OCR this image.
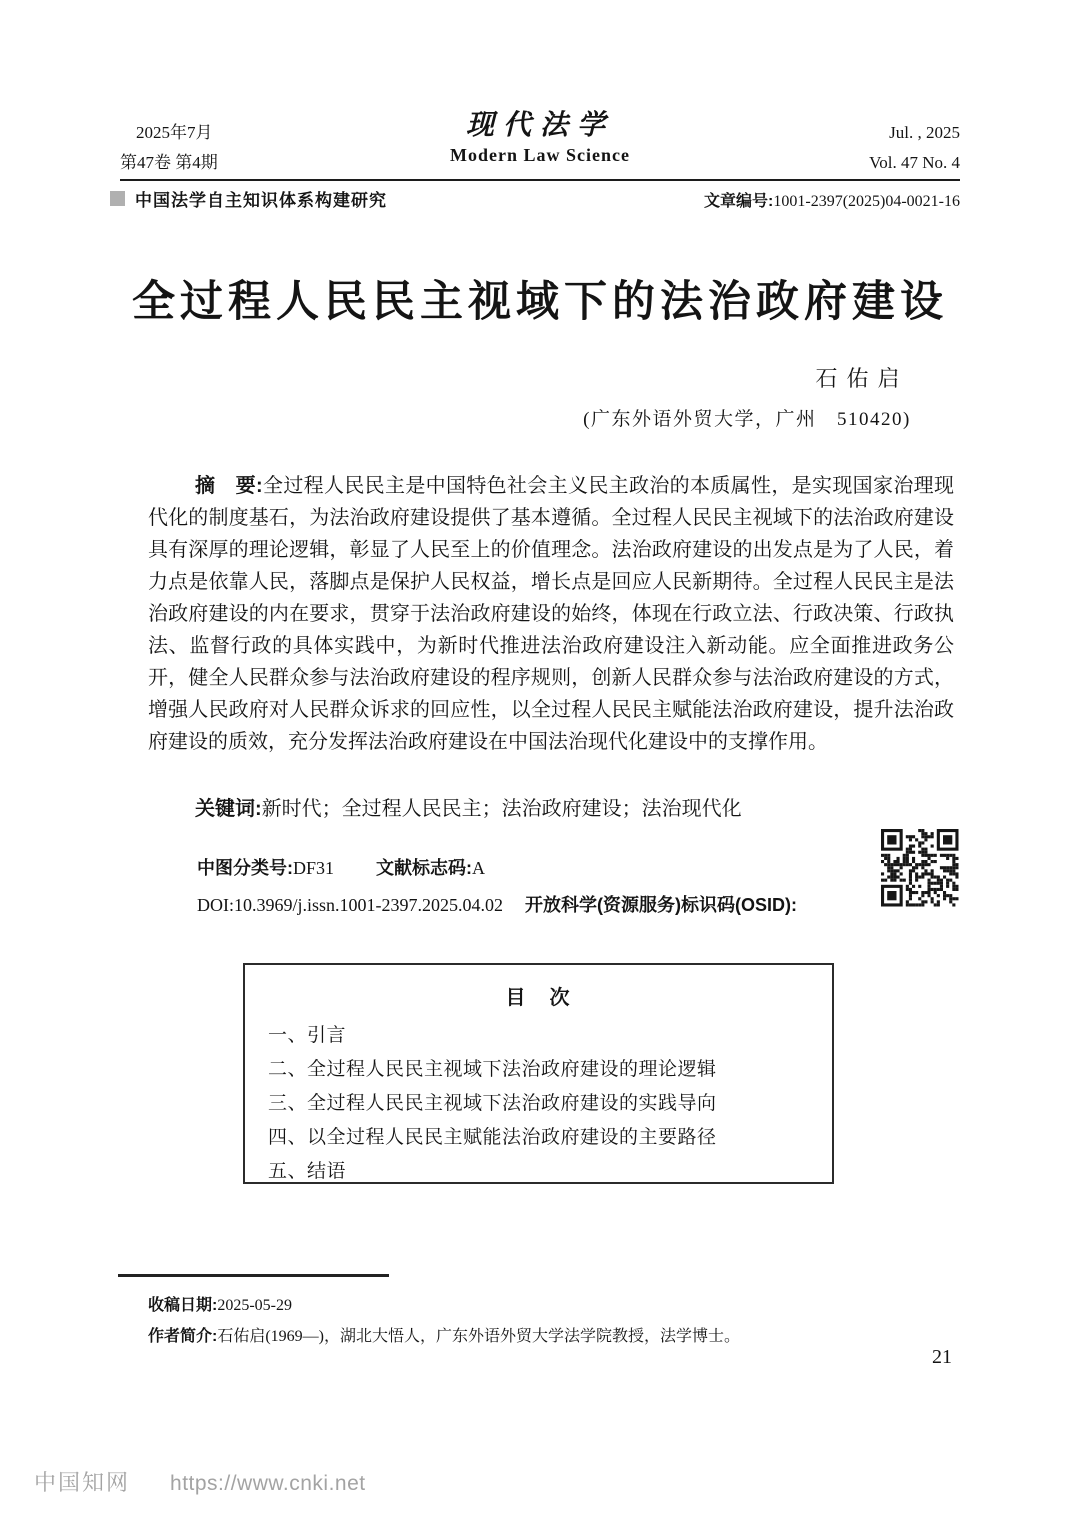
2025年7月
第47卷 第4期
现代法学
Modern Law Science
Jul. , 2025
Vol. 47 No. 4
中国法学自主知识体系构建研究	文章编号:1001-2397(2025)04-0021-16
全过程人民民主视域下的法治政府建设
石佑启
(广东外语外贸大学，广州　510420)
摘　要:全过程人民民主是中国特色社会主义民主政治的本质属性，是实现国家治理现代化的制度基石，为法治政府建设提供了基本遵循。全过程人民民主视域下的法治政府建设具有深厚的理论逻辑，彰显了人民至上的价值理念。法治政府建设的出发点是为了人民，着力点是依靠人民，落脚点是保护人民权益，增长点是回应人民新期待。全过程人民民主是法治政府建设的内在要求，贯穿于法治政府建设的始终，体现在行政立法、行政决策、行政执法、监督行政的具体实践中，为新时代推进法治政府建设注入新动能。应全面推进政务公开，健全人民群众参与法治政府建设的程序规则，创新人民群众参与法治政府建设的方式，增强人民政府对人民群众诉求的回应性，以全过程人民民主赋能法治政府建设，提升法治政府建设的质效，充分发挥法治政府建设在中国法治现代化建设中的支撑作用。
关键词:新时代；全过程人民民主；法治政府建设；法治现代化
中图分类号:DF31 文献标志码:A
DOI:10.3969/j.issn.1001-2397.2025.04.02 开放科学(资源服务)标识码(OSID):
目　次
一、引言
二、全过程人民民主视域下法治政府建设的理论逻辑
三、全过程人民民主视域下法治政府建设的实践导向
四、以全过程人民民主赋能法治政府建设的主要路径
五、结语
收稿日期:2025-05-29
作者简介:石佑启(1969—)，湖北大悟人，广东外语外贸大学法学院教授，法学博士。
21
中国知网 https://www.cnki.net
